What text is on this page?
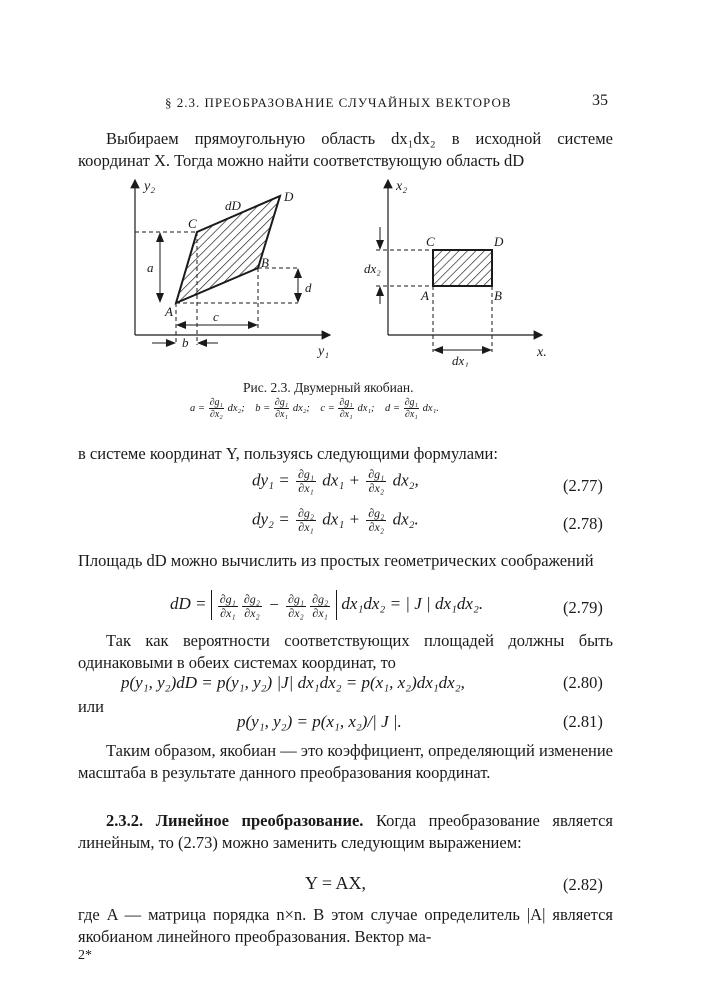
§ 2.3. ПРЕОБРАЗОВАНИЕ СЛУЧАЙНЫХ ВЕКТОРОВ	35
Выбираем прямоугольную область dx₁dx₂ в исходной системе координат X. Тогда можно найти соответствующую область dD
y₂
y₁
dD
A
B
C
D
a
d
c
b
x₂
x.
C	D
A	B
dx₂
dx₁
Рис. 2.3. Двумерный якобиан.
$a = \frac{\text{∂g₁}}{\text{∂x₂}} dx_2$; $b = \frac{\text{∂g₁}}{\text{∂x₁}} dx_2$; $c = \frac{\text{∂g₁}}{\text{∂x₁}} dx_1$; $d = \frac{\text{∂g₁}}{\text{∂x₁}} dx_1$.
в системе координат Y, пользуясь следующими формулами:
$dy_1 = \frac{\text{∂g₁}}{\text{∂x₁}} dx_1 + \frac{\text{∂g₁}}{\text{∂x₂}} dx_2$,	(2.77)
$dy_2 = \frac{\text{∂g₂}}{\text{∂x₁}} dx_1 + \frac{\text{∂g₂}}{\text{∂x₂}} dx_2$.	(2.78)
Площадь dD можно вычислить из простых геометрических соображений
dD = $\frac{\text{∂g₁}}{\text{∂x₁}} \frac{\text{∂g₂}}{\text{∂x₂}} - \frac{\text{∂g₁}}{\text{∂x₂}} \frac{\text{∂g₂}}{\text{∂x₁}} dx_1dx_2$ = | J | dx₁dx₂.	(2.79)
Так как вероятности соответствующих площадей должны быть одинаковыми в обеих системах координат, то
p(y₁, y₂)dD = p(y₁, y₂) |J| dx₁dx₂ = p(x₁, x₂)dx₁dx₂,	(2.80)
или
p(y₁, y₂) = p(x₁, x₂)/| J |.	(2.81)
Таким образом, якобиан — это коэффициент, определяющий изменение масштаба в результате данного преобразования координат.
2.3.2. Линейное преобразование. Когда преобразование является линейным, то (2.73) можно заменить следующим выражением:
Y = AX,	(2.82)
где A — матрица порядка n×n. В этом случае определитель |A| является якобианом линейного преобразования. Вектор ма-
2*
